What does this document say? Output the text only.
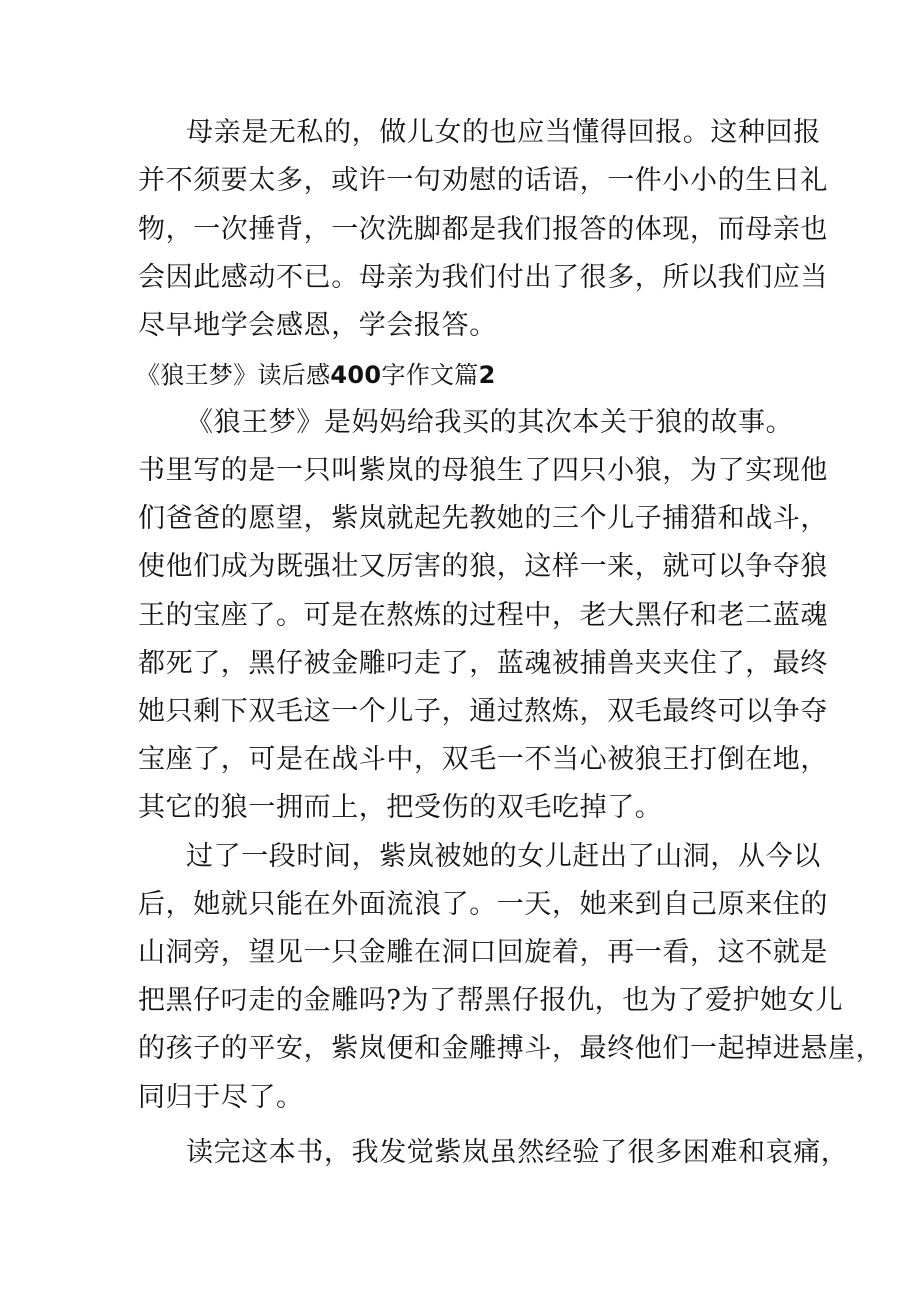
母亲是无私的，做儿女的也应当懂得回报。这种回报
并不须要太多，或许一句劝慰的话语，一件小小的生日礼
物，一次捶背，一次洗脚都是我们报答的体现，而母亲也
会因此感动不已。母亲为我们付出了很多，所以我们应当
尽早地学会感恩，学会报答。
《狼王梦》读后感400字作文篇2
《狼王梦》是妈妈给我买的其次本关于狼的故事。
书里写的是一只叫紫岚的母狼生了四只小狼，为了实现他
们爸爸的愿望，紫岚就起先教她的三个儿子捕猎和战斗，
使他们成为既强壮又厉害的狼，这样一来，就可以争夺狼
王的宝座了。可是在熬炼的过程中，老大黑仔和老二蓝魂
都死了，黑仔被金雕叼走了，蓝魂被捕兽夹夹住了，最终
她只剩下双毛这一个儿子，通过熬炼，双毛最终可以争夺
宝座了，可是在战斗中，双毛一不当心被狼王打倒在地，
其它的狼一拥而上，把受伤的双毛吃掉了。
过了一段时间，紫岚被她的女儿赶出了山洞，从今以
后，她就只能在外面流浪了。一天，她来到自己原来住的
山洞旁，望见一只金雕在洞口回旋着，再一看，这不就是
把黑仔叼走的金雕吗?为了帮黑仔报仇，也为了爱护她女儿
的孩子的平安，紫岚便和金雕搏斗，最终他们一起掉进悬崖，
同归于尽了。
读完这本书，我发觉紫岚虽然经验了很多困难和哀痛，
